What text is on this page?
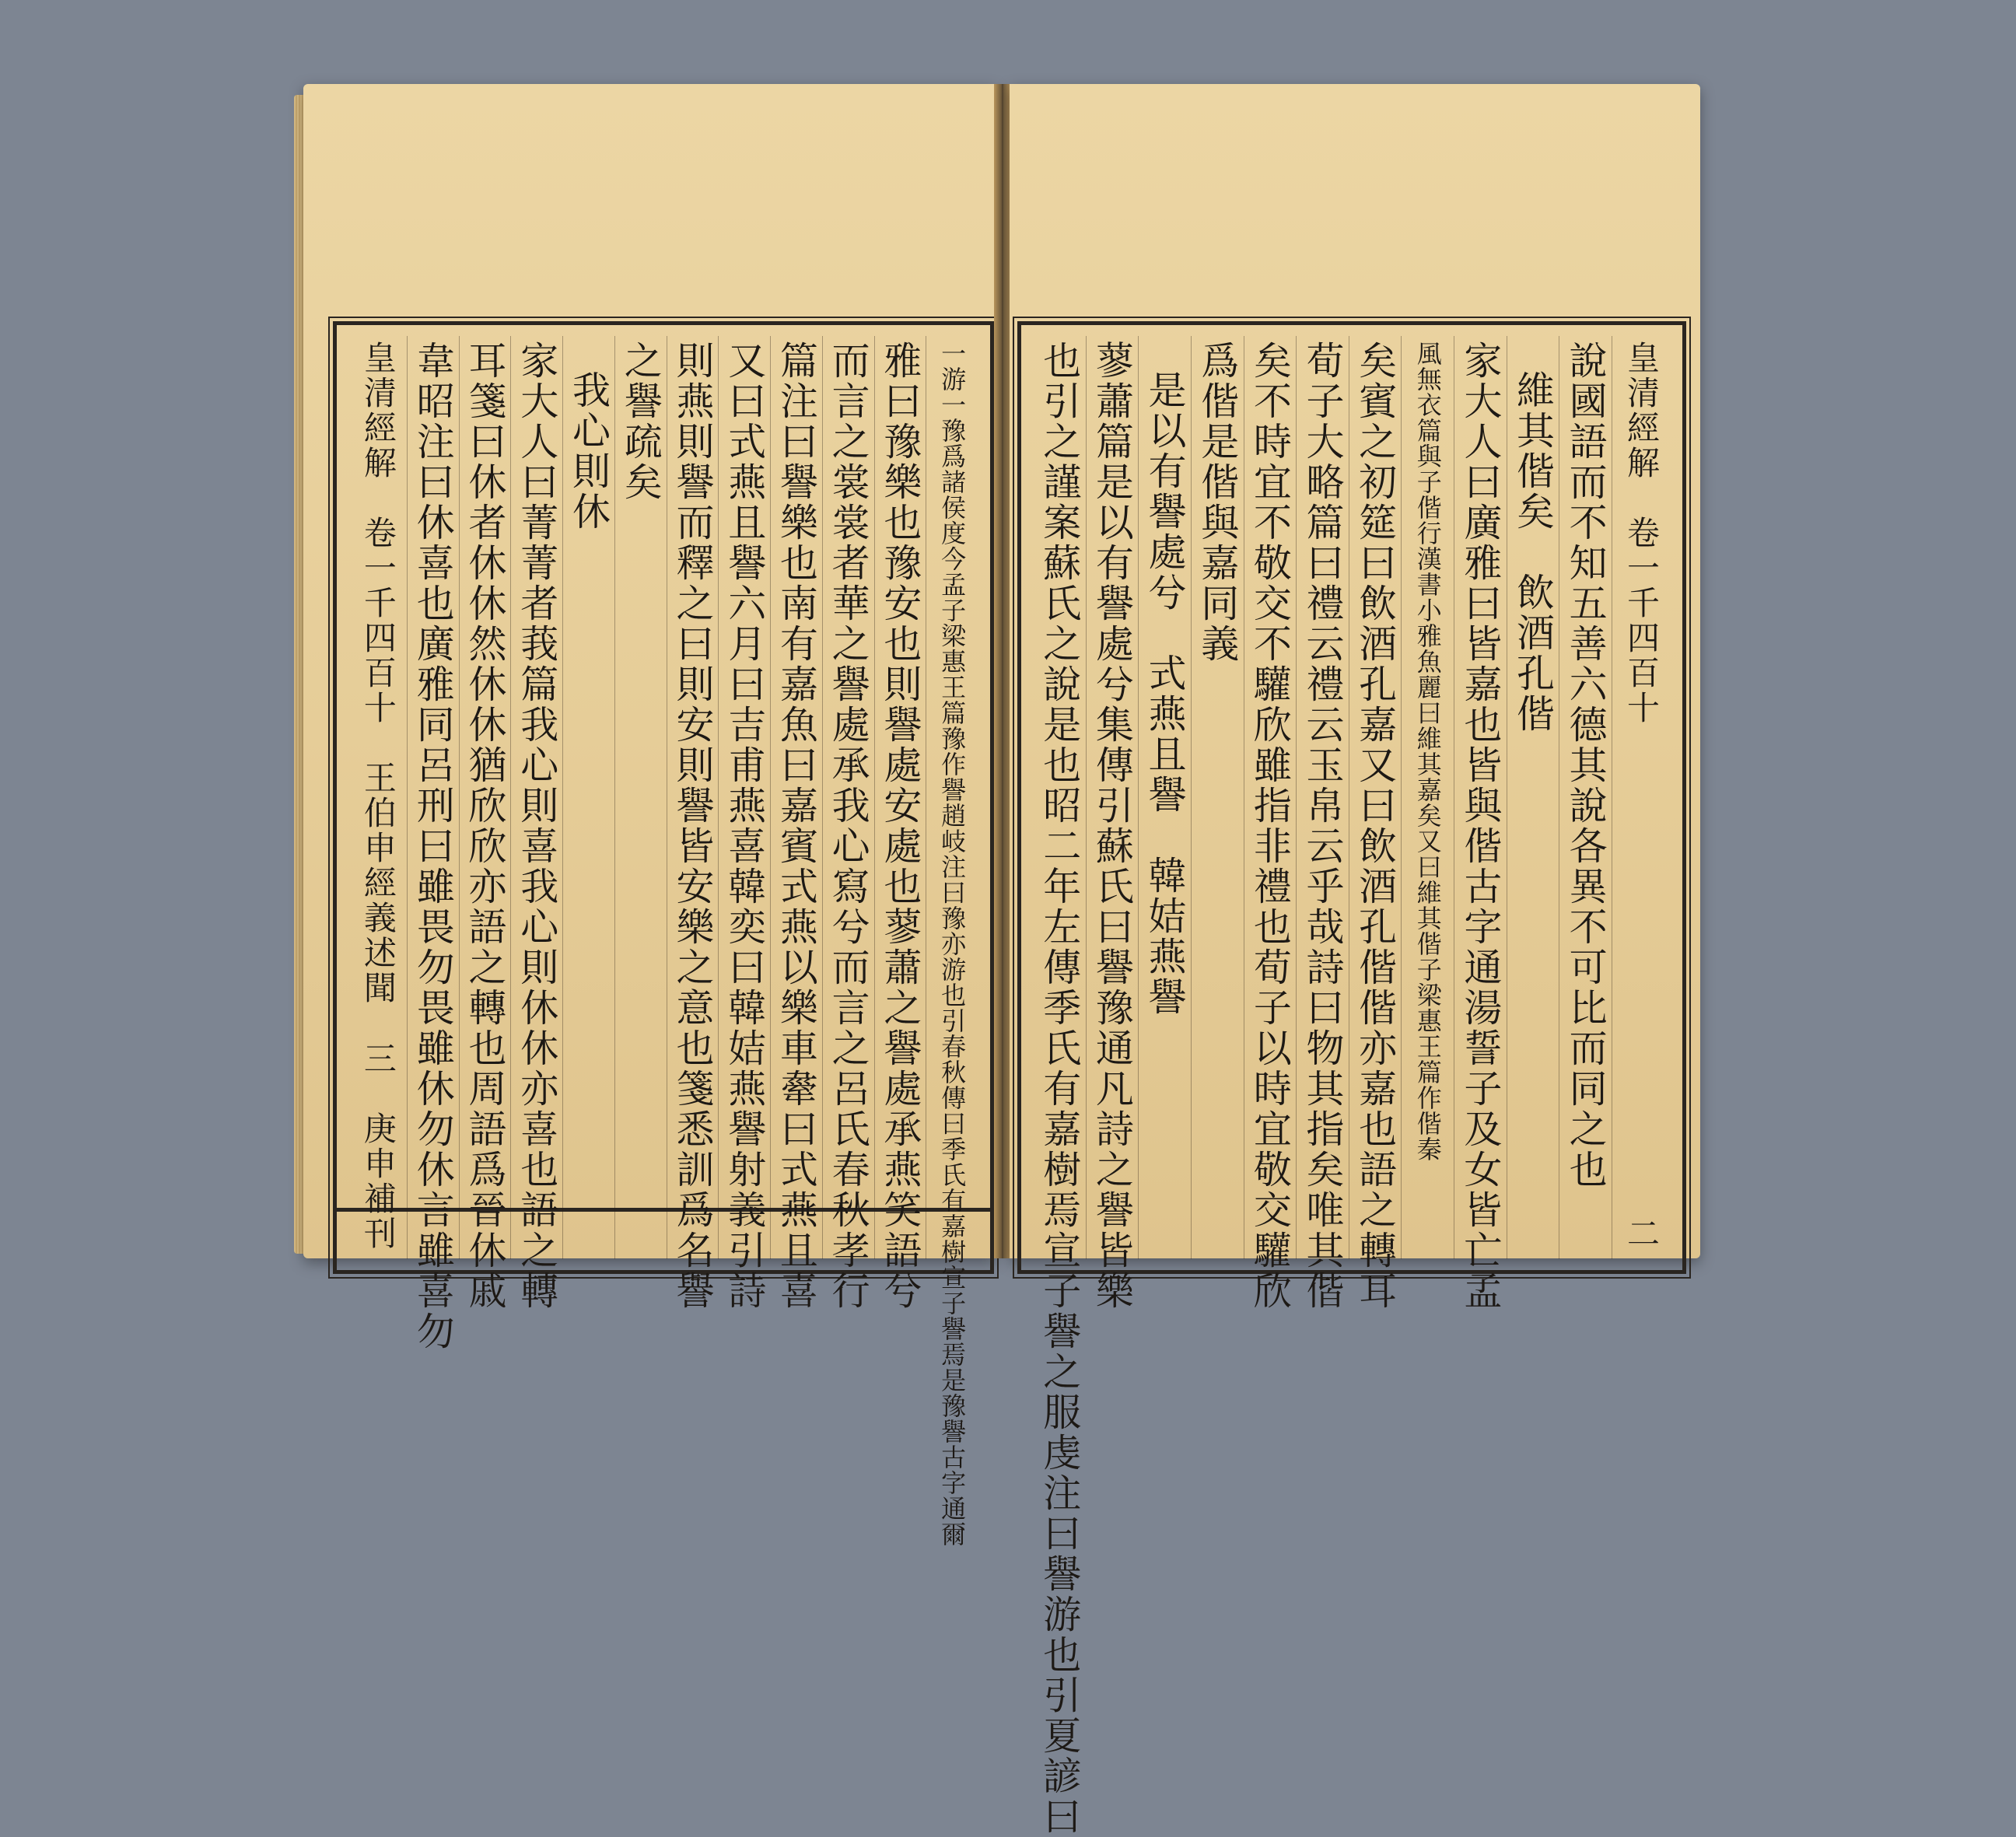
一游一豫爲諸侯度今孟子梁惠王篇豫作譽趙岐注曰豫亦游也引春秋傳曰季氏有嘉樹宣子譽焉是豫譽古字通爾
雅曰豫樂也豫安也則譽處安處也蓼蕭之譽處承燕笑語兮
而言之裳裳者華之譽處承我心寫兮而言之呂氏春秋孝行
篇注曰譽樂也南有嘉魚曰嘉賓式燕以樂車舝曰式燕且喜
又曰式燕且譽六月曰吉甫燕喜韓奕曰韓姞燕譽射義引詩
則燕則譽而釋之曰則安則譽皆安樂之意也箋悉訓爲名譽
之譽疏矣
我心則休
家大人曰菁菁者莪篇我心則喜我心則休休亦喜也語之轉
耳箋曰休者休休然休休猶欣欣亦語之轉也周語爲晉休戚
韋昭注曰休喜也廣雅同呂刑曰雖畏勿畏雖休勿休言雖喜勿
皇清經解　卷一千四百十　王伯申經義述聞
三　庚申補刊
皇清經解　卷一千四百十
二
說國語而不知五善六德其說各異不可比而同之也
維其偕矣　飲酒孔偕
家大人曰廣雅曰皆嘉也皆與偕古字通湯誓子及女皆亡孟
風無衣篇與子偕行漢書小雅魚麗曰維其嘉矣又曰維其偕子梁惠王篇作偕秦
矣賓之初筵曰飲酒孔嘉又曰飲酒孔偕偕亦嘉也語之轉耳
荀子大略篇曰禮云禮云玉帛云乎哉詩曰物其指矣唯其偕
矣不時宜不敬交不驩欣雖指非禮也荀子以時宜敬交驩欣
爲偕是偕與嘉同義
是以有譽處兮　式燕且譽　韓姞燕譽
蓼蕭篇是以有譽處兮集傳引蘇氏曰譽豫通凡詩之譽皆樂
也引之謹案蘇氏之說是也昭二年左傳季氏有嘉樹焉宣子譽之服虔注曰譽游也引夏諺曰
